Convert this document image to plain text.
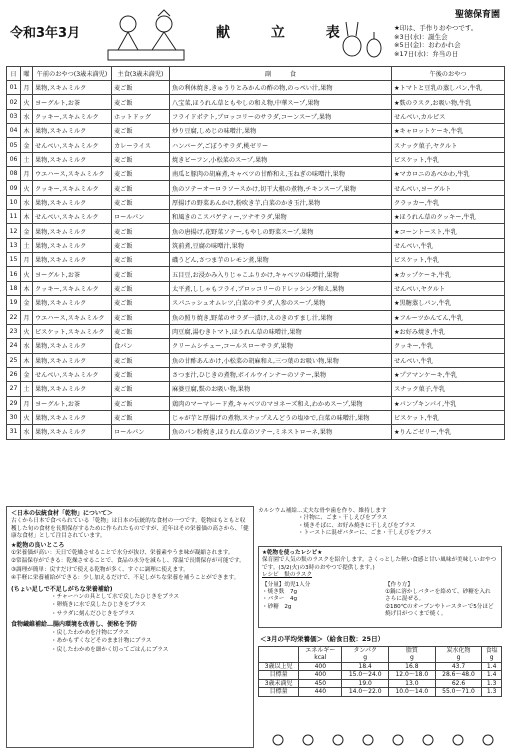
令和3年3月	献 立 表
聖徳保育園
★印は、手作りおやつです。
※3日(水)：誕生会
※5日(金)：おわかれ会
※17日(水)：弁当の日
日	曜	午前のおやつ(3歳未満児)	主食(3歳未満児)	副　　　食	午後のおやつ
01	月	果物,スキムミルク	麦ご飯	魚の利休焼き,きゅうりとみかんの酢の物,のっぺい汁,果物	★トマトと豆乳の蒸しパン,牛乳
02	火	ヨーグルト,お茶	麦ご飯	八宝菜,ほうれん草ともやしの和え物,中華スープ,果物	★麩のラスク,お吸い物,牛乳
03	水	クッキー,スキムミルク	ホットドッグ	フライドポテト,ブロッコリーのサラダ,コーンスープ,果物	せんべい,カルピス
04	木	果物,スキムミルク	麦ご飯	炒り豆腐,しめじの味噌汁,果物	★キャロットケーキ,牛乳
05	金	せんべい,スキムミルク	カレーライス	ハンバーグ,ごぼうサラダ,桃ゼリー	スナック菓子,ヤクルト
06	土	果物,スキムミルク	麦ご飯	焼きビーフン,小松菜のスープ,果物	ビスケット,牛乳
08	月	ウエハース,スキムミルク	麦ご飯	南瓜と豚肉の胡麻煮,キャベツの甘酢和え,玉ねぎの味噌汁,果物	★マカロニのあべかわ,牛乳
09	火	クッキー,スキムミルク	麦ご飯	魚のソテーオーロラソースかけ,切干大根の煮物,チキンスープ,果物	せんべい,ヨーグルト
10	水	果物,スキムミルク	麦ご飯	厚揚げの野菜あんかけ,粉吹き芋,白菜のかき玉汁,果物	クラッカー,牛乳
11	木	せんべい,スキムミルク	ロールパン	和風きのこスパゲティー,ツナサラダ,果物	★ほうれん草のクッキー,牛乳
12	金	果物,スキムミルク	麦ご飯	魚の唐揚げ,花野菜ソテー,もやしの野菜スープ,果物	★コーントースト,牛乳
13	土	果物,スキムミルク	麦ご飯	筑前煮,豆腐の味噌汁,果物	せんべい,牛乳
15	月	果物,スキムミルク	麦ご飯	磯うどん,さつま芋のレモン煮,果物	ビスケット,牛乳
16	火	ヨーグルト,お茶	麦ご飯	五目豆,お浸かみ入りじゃこふりかけ,キャベツの味噌汁,果物	★カップケーキ,牛乳
18	木	クッキー,スキムミルク	麦ご飯	太平煮,ししゃもフライ,ブロッコリーのドレッシング和え,果物	せんべい,ヤクルト
19	金	果物,スキムミルク	麦ご飯	スパニッシュオムレツ,白菜のサラダ,人参のスープ,果物	★黒糖蒸しパン,牛乳
22	月	ウエハース,スキムミルク	麦ご飯	魚の照り焼き,野菜のサラダ一漬け,えのきのすまし汁,果物	★フルーツかんてん,牛乳
23	火	ビスケット,スキムミルク	麦ご飯	肉豆腐,湯むきトマト,ほうれん草の味噌汁,果物	★お好み焼き,牛乳
24	水	果物,スキムミルク	食パン	クリームシチュー,コールスローサラダ,果物	クッキー,牛乳
25	木	果物,スキムミルク	麦ご飯	魚の甘酢あんかけ,小松菜の胡麻和え,三つ葉のお吸い物,果物	せんべい,牛乳
26	金	せんべい,スキムミルク	麦ご飯	さつま汁,ひじきの煮物,ボイルウインナーのソテー,果物	★プアマンケーキ,牛乳
27	土	果物,スキムミルク	麦ご飯	麻婆豆腐,麩のお吸い物,果物	スナック菓子,牛乳
29	月	ヨーグルト,お茶	麦ご飯	鶏肉のマーマレード煮,キャベツのマヨネーズ和え,わかめスープ,果物	★パンプキンパイ,牛乳
30	火	果物,スキムミルク	麦ご飯	じゃが芋と厚揚げの煮物,スナップえんどうの塩ゆで,白菜の味噌汁,果物	ビスケット,牛乳
31	水	果物,スキムミルク	ロールパン	魚のパン粉焼き,ほうれん草のソテー,ミネストローネ,果物	★りんごゼリー,牛乳

＜日本の伝統食材「乾物」について＞

古くから日本で食べられている「乾物」は日本の伝統的な食材の一つです。乾物はもともと収穫した旬の食材を長期保存するために作られたものですが、近年はその栄養価の高さから、「健康な食材」として注目されています。

★乾物の良いところ

①栄養価が高い：天日で乾燥させることで水分が抜け、栄養素やうま味が凝縮されます。

②常温保存ができる：乾燥させることで、食品の水分を減らし、常温で長期保存が可能です。

③調理が簡単：戻すだけで使える乾物が多く、すぐに調理に使えます。

④手軽に栄養補給ができる：少し加えるだけで、不足しがちな栄養を補うことができます。

(ちょい足しで不足しがちな栄養補給)

・チャーハンの具として水で戻したひじきをプラス

・卵焼きに水で戻したひじきをプラス

・サラダに刻んだひじきをプラス

食物繊維補給…腸内環境を改善し、便秘を予防

・戻したわかめを汁物にプラス

・あかもずくなどそのまま汁物にプラス

・戻したわかめを細かく切ってごはんにプラス

カルシウム補給…丈夫な骨や歯を作り、維持します

・汁物に、ごま・干しえびをプラス

・焼きそばに、お好み焼きに干しえびをプラス

・トーストに混ぜバターに、ごま・干しえびをプラス

★乾物を使ったレシピ★

保育園で人気の麩のラスクを紹介します。さくっとした軽い食感と甘い風味が美味しいおやつです。(3/2(火)の3時のおやつで提供します。)

レシピ　麩のラスク

【分量】幼児1人分

・焼き麩　7g

・バター　4g

・砂糖　2g

【作り方】

①鍋に溶かしバターを絡めて、砂糖を入れ

さらに混ぜる。

②180℃のオーブンやトースターで5分ほど

焼げ目がつくまで焼く。

＜3月の平均栄養価＞（給食日数：25日）
	エネルギー
kcal	タンパク
g	脂質
g	炭水化物
g	食塩
g
3歳以上児	400	18.4	16.8	43.7	1.4
目標量	400	15.0〜24.0	12.0〜18.0	28.6〜48.0	1.4
3歳未満児	450	19.0	13.0	62.6	1.3
目標量	440	14.0〜22.0	10.0〜14.0	55.0〜71.0	1.3
